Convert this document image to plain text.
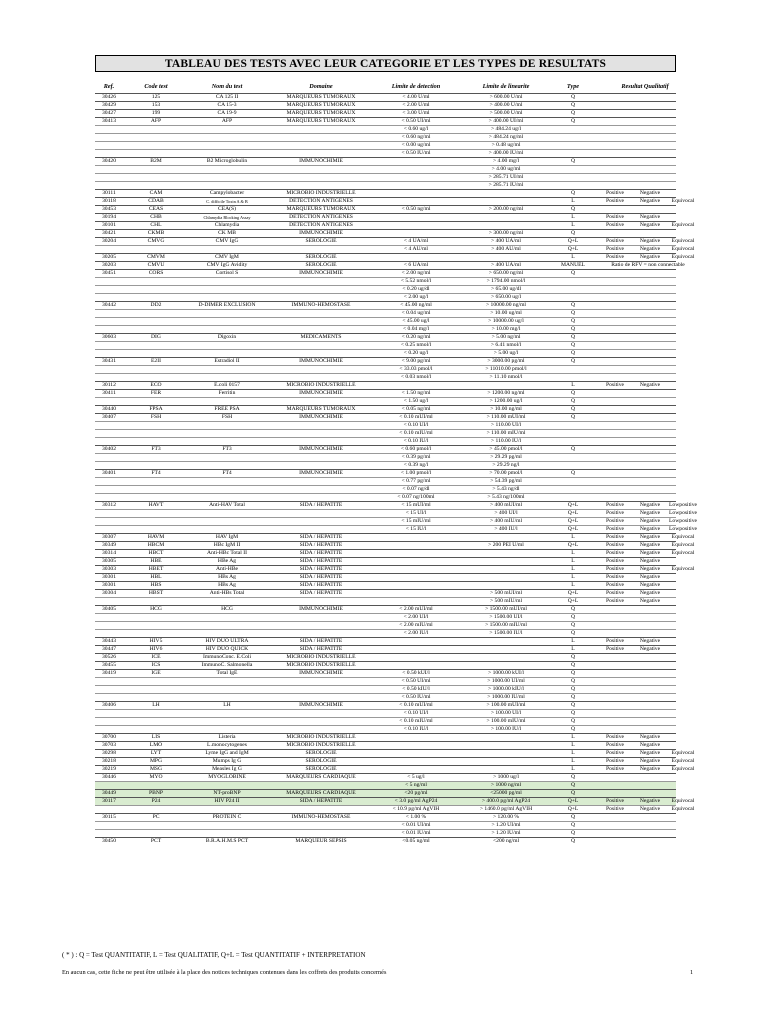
TABLEAU DES TESTS AVEC LEUR CATEGORIE ET LES TYPES DE RESULTATS
Ref.	Code test	Nom du test	Domaine	Limite de detection	Limite de linearite	Type	Resultat Qualitatif
30426	125	CA 125 II	MARQUEURS TUMORAUX	< 4.00 U/ml	> 600.00 U/ml	Q
30429	153	CA 15-3	MARQUEURS TUMORAUX	< 2.00 U/ml	> 400.00 U/ml	Q
30427	199	CA 19-9	MARQUEURS TUMORAUX	< 3.00 U/ml	> 500.00 U/ml	Q
30413	AFP	AFP	MARQUEURS TUMORAUX	< 0.50 UI/ml	> 400.00 UI/ml	Q
< 0.60 ug/l	> 484.24 ug/l
< 0.60 ng/ml	> 484.24 ng/ml
< 0.00 ug/ml	> 0.48 ug/ml
< 0.50 IU/ml	> 400.00 IU/ml
30420	B2M	B2 Microglobulin	IMMUNOCHIMIE	> 4.00 mg/l	Q
> 4.00 ug/ml
> 285.71 UI/ml
> 285.71 IU/ml
30111	CAM	Campylobacter	MICROBIO INDUSTRIELLE	Q	Positive	Negative
30118	CDAB	C. difficile Toxin A & B	DETECTION ANTIGENES	L	Positive	Negative	Equivocal
30453	CEAS	CEA(S)	MARQUEURS TUMORAUX	< 0.50 ng/ml	> 200.00 ng/ml	Q
30194	CHB	Chlamydia Blocking Assay	DETECTION ANTIGENES	L	Positive	Negative
30101	CHL	Chlamydia	DETECTION ANTIGENES	L	Positive	Negative	Equivocal
30421	CKMB	CK MB	IMMUNOCHIMIE	> 300.00 ng/ml	Q
30204	CMVG	CMV IgG	SEROLOGIE	< 4 UA/ml	> 400 UA/ml	Q+L	Positive	Negative	Equivocal
< 4 AU/ml	> 400 AU/ml	Q+L	Positive	Negative	Equivocal
30205	CMVM	CMV IgM	SEROLOGIE	L	Positive	Negative	Equivocal
30203	CMVU	CMV IgG Avidity	SEROLOGIE	< 6 UA/ml	> 400 UA/ml	MANUEL	Ratio de RFV = non connectable
30451	CORS	Cortisol S	IMMUNOCHIMIE	< 2.00 ng/ml	> 650.00 ng/ml	Q
< 5.52 nmol/l	> 1794.00 nmol/l
< 0.20 ug/dl	> 65.00 ug/dl
< 2.00 ug/l	> 650.00 ug/l
30442	DD2	D-DIMER EXCLUSION	IMMUNO-HEMOSTASE	< 45.00 ng/ml	> 10000.00 ng/ml	Q
< 0.04 ug/ml	> 10.00 ug/ml	Q
< 45.00 ug/l	> 10000.00 ug/l	Q
< 0.04 mg/l	> 10.00 mg/l	Q
30603	DIG	Digoxin	MEDICAMENTS	< 0.20 ng/ml	> 5.00 ng/ml	Q
< 0.25 nmol/l	> 6.41 nmol/l	Q
< 0.20 ug/l	> 5.00 ug/l	Q
30431	E2II	Estradiol II	IMMUNOCHIMIE	< 9.00 pg/ml	> 3000.00 pg/ml	Q
< 33.03 pmol/l	> 11010.00 pmol/l
< 0.03 nmol/l	> 11.10 nmol/l
30112	ECO	E.coli 0157	MICROBIO INDUSTRIELLE	L	Positive	Negative
30411	FER	Ferritin	IMMUNOCHIMIE	< 1.50 ng/ml	> 1200.00 ng/ml	Q
< 1.50 ug/l	> 1200.00 ug/l	Q
30440	FPSA	FREE PSA	MARQUEURS TUMORAUX	< 0.05 ng/ml	> 10.00 ng/ml	Q
30407	FSH	FSH	IMMUNOCHIMIE	< 0.10 mUI/ml	> 110.00 mUI/ml	Q
< 0.10 UI/l	> 110.00 UI/l
< 0.10 mIU/ml	> 110.00 mIU/ml
< 0.10 IU/l	> 110.00 IU/l
30402	FT3	FT3	IMMUNOCHIMIE	< 0.60 pmol/l	> 45.00 pmol/l	Q
< 0.39 pg/ml	> 29.29 pg/ml
< 0.39 ng/l	> 29.29 ng/l
30401	FT4	FT4	IMMUNOCHIMIE	< 1.00 pmol/l	> 70.00 pmol/l	Q
< 0.77 pg/ml	> 54.39 pg/ml
< 0.07 ng/dl	> 5.43 ng/dl
< 0.07 ng/100ml	> 5.43 ng/100ml
30312	HAVT	Anti-HAV Total	SIDA / HEPATITE	< 15 mUI/ml	> 400 mUI/ml	Q+L	Positive	Negative	Lowpositive
< 15 UI/l	> 400 UI/l	Q+L	Positive	Negative	Lowpositive
< 15 mIU/ml	> 400 mIU/ml	Q+L	Positive	Negative	Lowpositive
< 15 IU/l	> 400 IU/l	Q+L	Positive	Negative	Lowpositive
30307	HAVM	HAV IgM	SIDA / HEPATITE	L	Positive	Negative	Equivocal
30349	HBCM	HBc IgM II	SIDA / HEPATITE	> 200 PEI U/ml	Q+L	Positive	Negative	Equivocal
30314	HBCT	Anti-HBc Total II	SIDA / HEPATITE	L	Positive	Negative	Equivocal
30305	HBE	HBe Ag	SIDA / HEPATITE	L	Positive	Negative
30303	HBET	Anti-HBe	SIDA / HEPATITE	L	Positive	Negative	Equivocal
30301	HBL	HBs Ag	SIDA / HEPATITE	L	Positive	Negative
30301	HBS	HBs Ag	SIDA / HEPATITE	L	Positive	Negative
30304	HBST	Anti-HBs Total	SIDA / HEPATITE	> 500 mUI/ml	Q+L	Positive	Negative
> 500 mIU/ml	Q+L	Positive	Negative
30405	HCG	HCG	IMMUNOCHIMIE	< 2.00 mUI/ml	> 1500.00 mUI/ml	Q
< 2.00 UI/l	> 1500.00 UI/l	Q
< 2.00 mIU/ml	> 1500.00 mIU/ml	Q
< 2.00 IU/l	> 1500.00 IU/l	Q
30443	HIV5	HIV DUO ULTRA	SIDA / HEPATITE	L	Positive	Negative
30447	HIV6	HIV DUO QUICK	SIDA / HEPATITE	L	Positive	Negative
30526	ICE	ImmunoConc. E.Coli	MICROBIO INDUSTRIELLE	Q
30455	ICS	ImmunoC. Salmonella	MICROBIO INDUSTRIELLE	Q
30419	IGE	Total IgE	IMMUNOCHIMIE	< 0.50 kUI/l	> 1000.00 kUI/l	Q
< 0.50 UI/ml	> 1000.00 UI/ml	Q
< 0.50 kIU/l	> 1000.00 kIU/l	Q
< 0.50 IU/ml	> 1000.00 IU/ml	Q
30406	LH	LH	IMMUNOCHIMIE	< 0.10 mUI/ml	> 100.00 mUI/ml	Q
< 0.10 UI/l	> 100.00 UI/l	Q
< 0.10 mIU/ml	> 100.00 mIU/ml	Q
< 0.10 IU/l	> 100.00 IU/l	Q
30700	LIS	Listeria	MICROBIO INDUSTRIELLE	L	Positive	Negative
30703	LMO	L.monocytogenes	MICROBIO INDUSTRIELLE	L	Positive	Negative
30298	LYT	Lyme IgG and IgM	SEROLOGIE	L	Positive	Negative	Equivocal
30218	MPG	Mumps Ig G	SEROLOGIE	L	Positive	Negative	Equivocal
30219	MSG	Measles Ig G	SEROLOGIE	L	Positive	Negative	Equivocal
30446	MYO	MYOGLOBINE	MARQUEURS CARDIAQUE	< 5 ug/l	> 1000 ug/l	Q
< 5 ng/ml	> 1000 ng/ml	Q
30449	PBNP	NT-proBNP	MARQUEURS CARDIAQUE	<20 pg/ml	<25000 pg/ml	Q
30117	P24	HIV P24 II	SIDA / HEPATITE	< 3.0 pg/ml AgP24	> 400.0 pg/ml AgP24	Q+L	Positive	Negative	Equivocal
< 10.9 pg/ml AgVIH	> 1460.0 pg/ml AgVIH	Q+L	Positive	Negative	Equivocal
30115	PC	PROTEIN C	IMMUNO-HEMOSTASE	< 1.00 %	> 120.00 %	Q
< 0.01 UI/ml	> 1.20 UI/ml	Q
< 0.01 IU/ml	> 1.20 IU/ml	Q
30450	PCT	B.R.A.H.M.S PCT	MARQUEUR SEPSIS	<0.05 ng/ml	<200 ng/ml	Q
( * ) : Q = Test QUANTITATIF, L = Test QUALITATIF, Q+L = Test QUANTITATIF + INTERPRETATION
En aucun cas, cette fiche ne peut être utilisée à la place des notices techniques contenues dans les coffrets des produits concernés	1
